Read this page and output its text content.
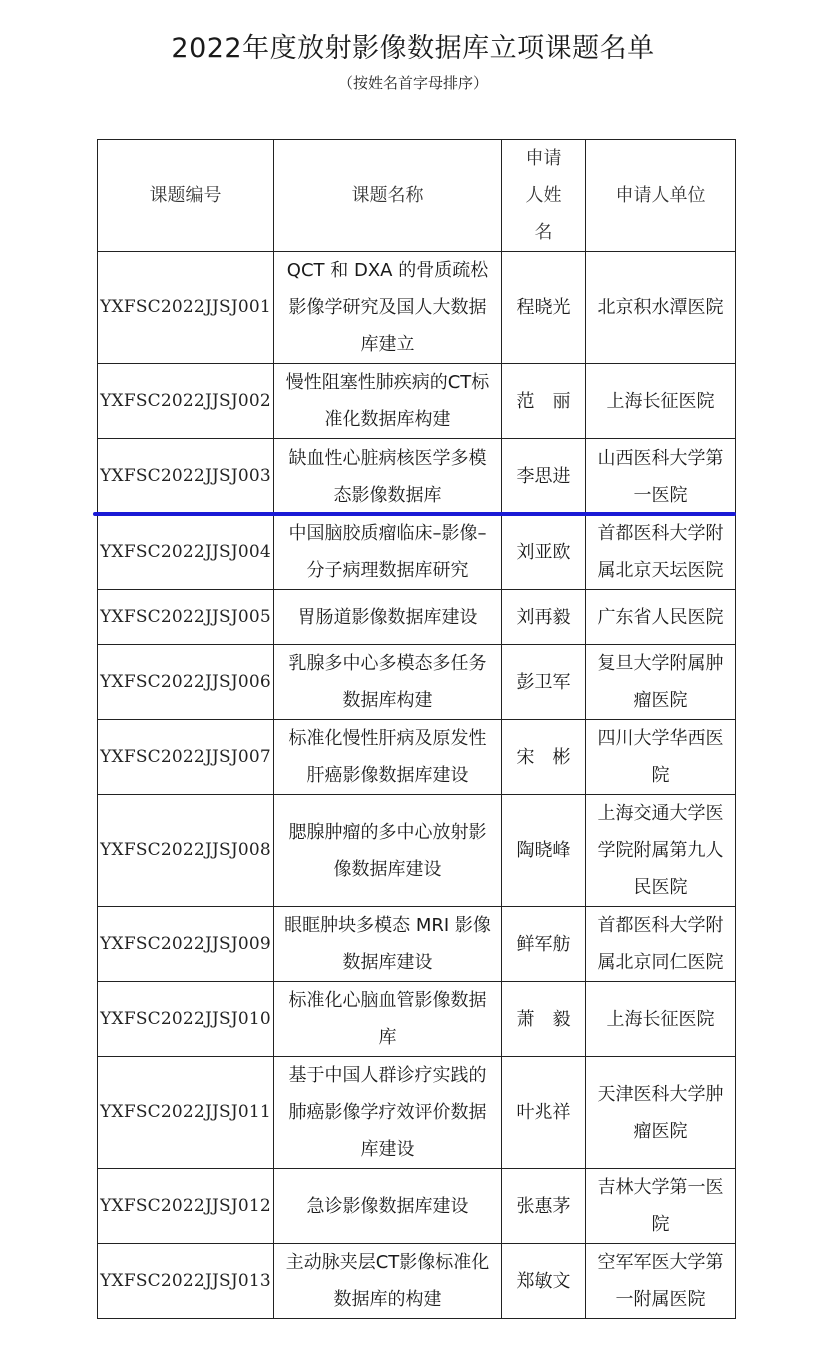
2022年度放射影像数据库立项课题名单
（按姓名首字母排序）
课题编号	课题名称	申请人姓名	申请人单位
YXFSC2022JJSJ001	QCT 和 DXA 的骨质疏松影像学研究及国人大数据库建立	程晓光	北京积水潭医院
YXFSC2022JJSJ002	慢性阻塞性肺疾病的CT标准化数据库构建	范　丽	上海长征医院
YXFSC2022JJSJ003	缺血性心脏病核医学多模态影像数据库	李思进	山西医科大学第一医院
YXFSC2022JJSJ004	中国脑胶质瘤临床–影像–分子病理数据库研究	刘亚欧	首都医科大学附属北京天坛医院
YXFSC2022JJSJ005	胃肠道影像数据库建设	刘再毅	广东省人民医院
YXFSC2022JJSJ006	乳腺多中心多模态多任务数据库构建	彭卫军	复旦大学附属肿瘤医院
YXFSC2022JJSJ007	标准化慢性肝病及原发性肝癌影像数据库建设	宋　彬	四川大学华西医院
YXFSC2022JJSJ008	腮腺肿瘤的多中心放射影像数据库建设	陶晓峰	上海交通大学医学院附属第九人民医院
YXFSC2022JJSJ009	眼眶肿块多模态 MRI 影像数据库建设	鲜军舫	首都医科大学附属北京同仁医院
YXFSC2022JJSJ010	标准化心脑血管影像数据库	萧　毅	上海长征医院
YXFSC2022JJSJ011	基于中国人群诊疗实践的肺癌影像学疗效评价数据库建设	叶兆祥	天津医科大学肿瘤医院
YXFSC2022JJSJ012	急诊影像数据库建设	张惠茅	吉林大学第一医院
YXFSC2022JJSJ013	主动脉夹层CT影像标准化数据库的构建	郑敏文	空军军医大学第一附属医院
